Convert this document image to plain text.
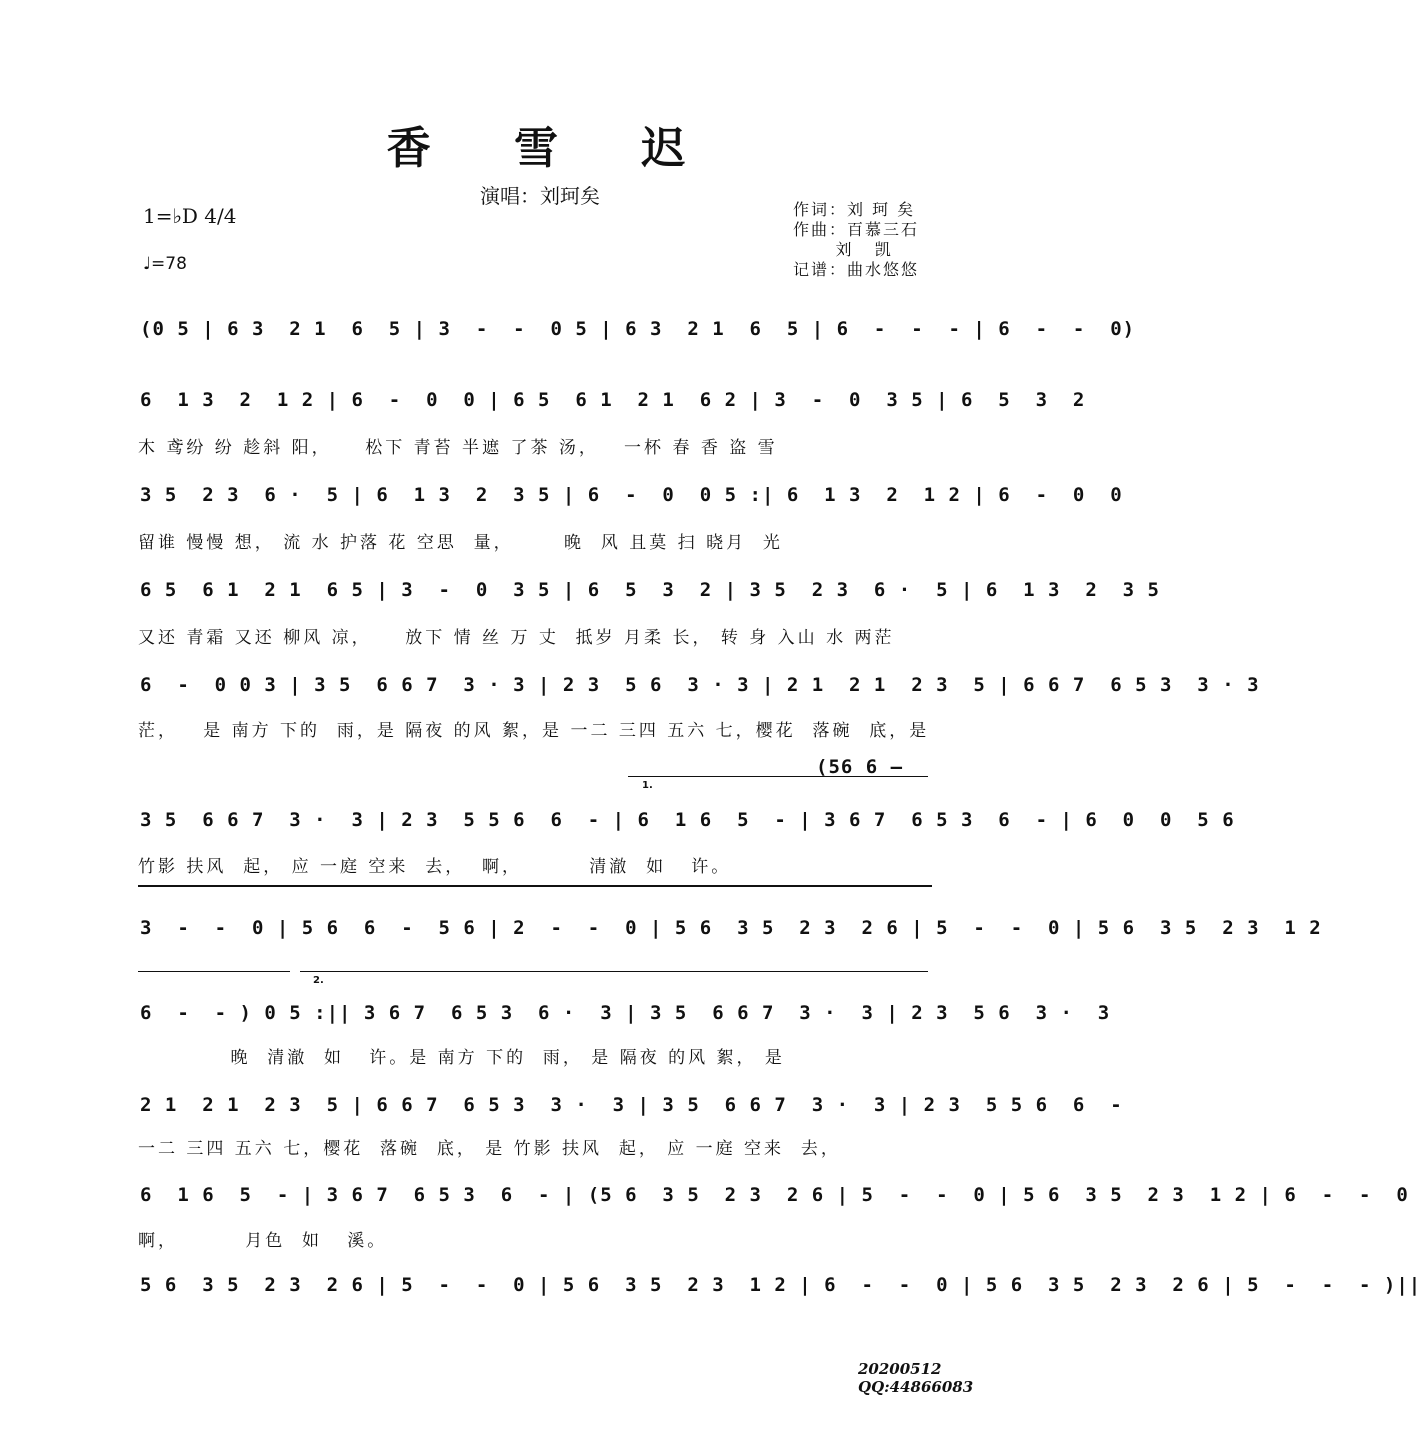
香 雪 迟
演唱：刘珂矣
1=♭D 4/4
♩=78
作词：刘 珂 矣
作曲：百慕三石
刘   凯
记谱：曲水悠悠
(0 5 | 6 3  2 1  6  5 | 3  -  -  0 5 | 6 3  2 1  6  5 | 6  -  -  - | 6  -  -  0)
6  1 3  2  1 2 | 6  -  0  0 | 6 5  6 1  2 1  6 2 | 3  -  0  3 5 | 6  5  3  2
木 鸢纷 纷 趁斜 阳，    松下 青苔 半遮 了茶 汤，   一杯 春 香 盗 雪
3 5  2 3  6 ·  5 | 6  1 3  2  3 5 | 6  -  0  0 5 :| 6  1 3  2  1 2 | 6  -  0  0
留谁 慢慢 想， 流 水 护落 花 空思  量，      晚  风 且莫 扫 晓月  光
6 5  6 1  2 1  6 5 | 3  -  0  3 5 | 6  5  3  2 | 3 5  2 3  6 ·  5 | 6  1 3  2  3 5
又还 青霜 又还 柳风 凉，    放下 情 丝 万 丈  抵岁 月柔 长， 转 身 入山 水 两茫
6  -  0 0 3 | 3 5  6 6 7  3 · 3 | 2 3  5 6  3 · 3 | 2 1  2 1  2 3  5 | 6 6 7  6 5 3  3 · 3
茫，   是 南方 下的  雨，是 隔夜 的风 絮，是 一二 三四 五六 七，樱花  落碗  底，是
1.
(56 6 –
3 5  6 6 7  3 ·  3 | 2 3  5 5 6  6  - | 6  1 6  5  - | 3 6 7  6 5 3  6  - | 6  0  0  5 6
竹影 扶风  起， 应 一庭 空来  去，  啊，        清澈  如   许。
3  -  -  0 | 5 6  6  -  5 6 | 2  -  -  0 | 5 6  3 5  2 3  2 6 | 5  -  -  0 | 5 6  3 5  2 3  1 2
2.
6  -  - ) 0 5 :|| 3 6 7  6 5 3  6 ·  3 | 3 5  6 6 7  3 ·  3 | 2 3  5 6  3 ·  3
晚  清澈  如   许。是 南方 下的  雨， 是 隔夜 的风 絮， 是
2 1  2 1  2 3  5 | 6 6 7  6 5 3  3 ·  3 | 3 5  6 6 7  3 ·  3 | 2 3  5 5 6  6  -
一二 三四 五六 七，樱花  落碗  底， 是 竹影 扶风  起， 应 一庭 空来  去，
6  1 6  5  - | 3 6 7  6 5 3  6  - | (5 6  3 5  2 3  2 6 | 5  -  -  0 | 5 6  3 5  2 3  1 2 | 6  -  -  0
啊，        月色  如   溪。
5 6  3 5  2 3  2 6 | 5  -  -  0 | 5 6  3 5  2 3  1 2 | 6  -  -  0 | 5 6  3 5  2 3  2 6 | 5  -  -  - )||
20200512
QQ:44866083
